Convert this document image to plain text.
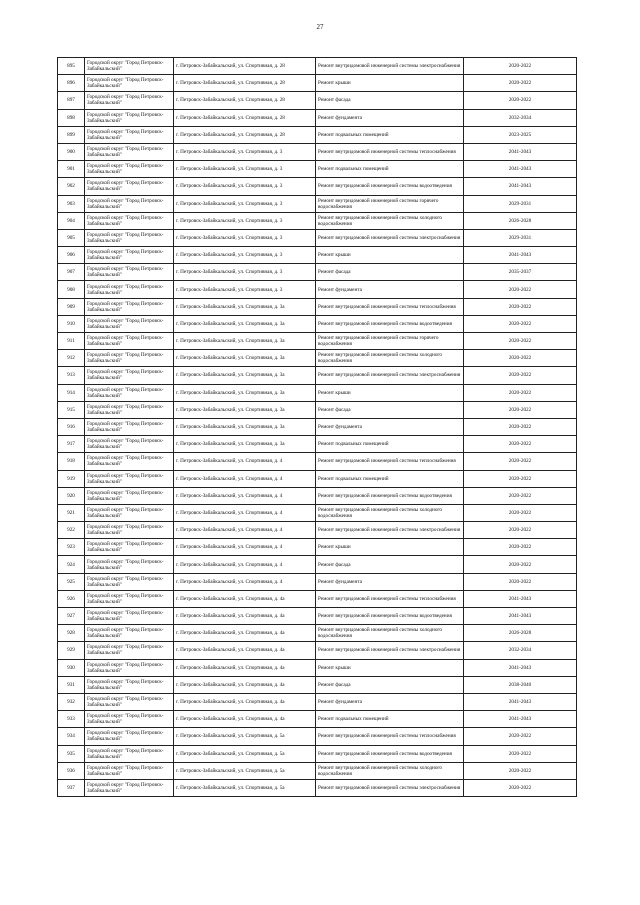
27
895	Городской округ "Город Петровск-Забайкальский"	г. Петровск-Забайкальский, ул. Спортивная, д. 28	Ремонт внутридомовой инженерной системы электроснабжения	2020-2022
896	Городской округ "Город Петровск-Забайкальский"	г. Петровск-Забайкальский, ул. Спортивная, д. 28	Ремонт крыши	2020-2022
897	Городской округ "Город Петровск-Забайкальский"	г. Петровск-Забайкальский, ул. Спортивная, д. 28	Ремонт фасада	2020-2022
898	Городской округ "Город Петровск-Забайкальский"	г. Петровск-Забайкальский, ул. Спортивная, д. 28	Ремонт фундамента	2032-2034
899	Городской округ "Город Петровск-Забайкальский"	г. Петровск-Забайкальский, ул. Спортивная, д. 28	Ремонт подвальных помещений	2023-2025
900	Городской округ "Город Петровск-Забайкальский"	г. Петровск-Забайкальский, ул. Спортивная, д. 3	Ремонт внутридомовой инженерной системы теплоснабжения	2041-2043
901	Городской округ "Город Петровск-Забайкальский"	г. Петровск-Забайкальский, ул. Спортивная, д. 3	Ремонт подвальных помещений	2041-2043
902	Городской округ "Город Петровск-Забайкальский"	г. Петровск-Забайкальский, ул. Спортивная, д. 3	Ремонт внутридомовой инженерной системы водоотведения	2041-2043
903	Городской округ "Город Петровск-Забайкальский"	г. Петровск-Забайкальский, ул. Спортивная, д. 3	Ремонт внутридомовой инженерной системы горячего водоснабжения	2029-2031
904	Городской округ "Город Петровск-Забайкальский"	г. Петровск-Забайкальский, ул. Спортивная, д. 3	Ремонт внутридомовой инженерной системы холодного водоснабжения	2026-2028
905	Городской округ "Город Петровск-Забайкальский"	г. Петровск-Забайкальский, ул. Спортивная, д. 3	Ремонт внутридомовой инженерной системы электроснабжения	2029-2031
906	Городской округ "Город Петровск-Забайкальский"	г. Петровск-Забайкальский, ул. Спортивная, д. 3	Ремонт крыши	2041-2043
907	Городской округ "Город Петровск-Забайкальский"	г. Петровск-Забайкальский, ул. Спортивная, д. 3	Ремонт фасада	2035-2037
908	Городской округ "Город Петровск-Забайкальский"	г. Петровск-Забайкальский, ул. Спортивная, д. 3	Ремонт фундамента	2020-2022
909	Городской округ "Город Петровск-Забайкальский"	г. Петровск-Забайкальский, ул. Спортивная, д. 3а	Ремонт внутридомовой инженерной системы теплоснабжения	2020-2022
910	Городской округ "Город Петровск-Забайкальский"	г. Петровск-Забайкальский, ул. Спортивная, д. 3а	Ремонт внутридомовой инженерной системы водоотведения	2020-2022
911	Городской округ "Город Петровск-Забайкальский"	г. Петровск-Забайкальский, ул. Спортивная, д. 3а	Ремонт внутридомовой инженерной системы горячего водоснабжения	2020-2022
912	Городской округ "Город Петровск-Забайкальский"	г. Петровск-Забайкальский, ул. Спортивная, д. 3а	Ремонт внутридомовой инженерной системы холодного водоснабжения	2020-2022
913	Городской округ "Город Петровск-Забайкальский"	г. Петровск-Забайкальский, ул. Спортивная, д. 3а	Ремонт внутридомовой инженерной системы электроснабжения	2020-2022
914	Городской округ "Город Петровск-Забайкальский"	г. Петровск-Забайкальский, ул. Спортивная, д. 3а	Ремонт крыши	2020-2022
915	Городской округ "Город Петровск-Забайкальский"	г. Петровск-Забайкальский, ул. Спортивная, д. 3а	Ремонт фасада	2020-2022
916	Городской округ "Город Петровск-Забайкальский"	г. Петровск-Забайкальский, ул. Спортивная, д. 3а	Ремонт фундамента	2020-2022
917	Городской округ "Город Петровск-Забайкальский"	г. Петровск-Забайкальский, ул. Спортивная, д. 3а	Ремонт подвальных помещений	2020-2022
918	Городской округ "Город Петровск-Забайкальский"	г. Петровск-Забайкальский, ул. Спортивная, д. 4	Ремонт внутридомовой инженерной системы теплоснабжения	2020-2022
919	Городской округ "Город Петровск-Забайкальский"	г. Петровск-Забайкальский, ул. Спортивная, д. 4	Ремонт подвальных помещений	2020-2022
920	Городской округ "Город Петровск-Забайкальский"	г. Петровск-Забайкальский, ул. Спортивная, д. 4	Ремонт внутридомовой инженерной системы водоотведения	2020-2022
921	Городской округ "Город Петровск-Забайкальский"	г. Петровск-Забайкальский, ул. Спортивная, д. 4	Ремонт внутридомовой инженерной системы холодного водоснабжения	2020-2022
922	Городской округ "Город Петровск-Забайкальский"	г. Петровск-Забайкальский, ул. Спортивная, д. 4	Ремонт внутридомовой инженерной системы электроснабжения	2020-2022
923	Городской округ "Город Петровск-Забайкальский"	г. Петровск-Забайкальский, ул. Спортивная, д. 4	Ремонт крыши	2020-2022
924	Городской округ "Город Петровск-Забайкальский"	г. Петровск-Забайкальский, ул. Спортивная, д. 4	Ремонт фасада	2020-2022
925	Городской округ "Город Петровск-Забайкальский"	г. Петровск-Забайкальский, ул. Спортивная, д. 4	Ремонт фундамента	2020-2022
926	Городской округ "Город Петровск-Забайкальский"	г. Петровск-Забайкальский, ул. Спортивная, д. 4а	Ремонт внутридомовой инженерной системы теплоснабжения	2041-2043
927	Городской округ "Город Петровск-Забайкальский"	г. Петровск-Забайкальский, ул. Спортивная, д. 4а	Ремонт внутридомовой инженерной системы водоотведения	2041-2043
928	Городской округ "Город Петровск-Забайкальский"	г. Петровск-Забайкальский, ул. Спортивная, д. 4а	Ремонт внутридомовой инженерной системы холодного водоснабжения	2026-2028
929	Городской округ "Город Петровск-Забайкальский"	г. Петровск-Забайкальский, ул. Спортивная, д. 4а	Ремонт внутридомовой инженерной системы электроснабжения	2032-2034
930	Городской округ "Город Петровск-Забайкальский"	г. Петровск-Забайкальский, ул. Спортивная, д. 4а	Ремонт крыши	2041-2043
931	Городской округ "Город Петровск-Забайкальский"	г. Петровск-Забайкальский, ул. Спортивная, д. 4а	Ремонт фасада	2038-2040
932	Городской округ "Город Петровск-Забайкальский"	г. Петровск-Забайкальский, ул. Спортивная, д. 4а	Ремонт фундамента	2041-2043
933	Городской округ "Город Петровск-Забайкальский"	г. Петровск-Забайкальский, ул. Спортивная, д. 4а	Ремонт подвальных помещений	2041-2043
934	Городской округ "Город Петровск-Забайкальский"	г. Петровск-Забайкальский, ул. Спортивная, д. 5а	Ремонт внутридомовой инженерной системы теплоснабжения	2020-2022
935	Городской округ "Город Петровск-Забайкальский"	г. Петровск-Забайкальский, ул. Спортивная, д. 5а	Ремонт внутридомовой инженерной системы водоотведения	2020-2022
936	Городской округ "Город Петровск-Забайкальский"	г. Петровск-Забайкальский, ул. Спортивная, д. 5а	Ремонт внутридомовой инженерной системы холодного водоснабжения	2020-2022
937	Городской округ "Город Петровск-Забайкальский"	г. Петровск-Забайкальский, ул. Спортивная, д. 5а	Ремонт внутридомовой инженерной системы электроснабжения	2020-2022
